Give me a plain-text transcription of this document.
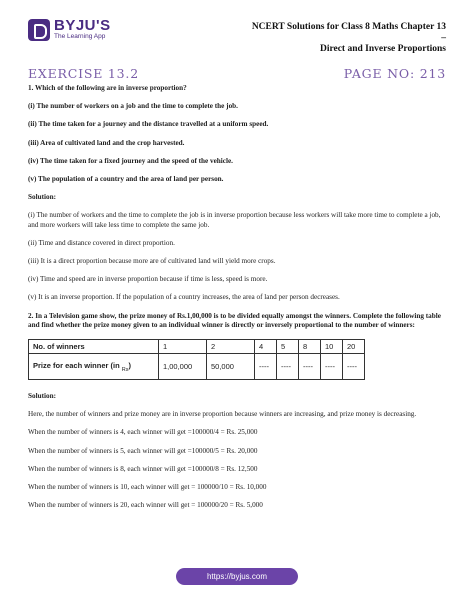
BYJU'S
The Learning App
NCERT Solutions for Class 8 Maths Chapter 13 –
Direct and Inverse Proportions
EXERCISE 13.2	PAGE NO: 213
1. Which of the following are in inverse proportion?
(i) The number of workers on a job and the time to complete the job.
(ii) The time taken for a journey and the distance travelled at a uniform speed.
(iii) Area of cultivated land and the crop harvested.
(iv) The time taken for a fixed journey and the speed of the vehicle.
(v) The population of a country and the area of land per person.
Solution:
(i) The number of workers and the time to complete the job is in inverse proportion because less workers will take more time to complete a job, and more workers will take less time to complete the same job.
(ii) Time and distance covered in direct proportion.
(iii) It is a direct proportion because more are of cultivated land will yield more crops.
(iv) Time and speed are in inverse proportion because if time is less, speed is more.
(v) It is an inverse proportion. If the population of a country increases, the area of land per person decreases.
2. In a Television game show, the prize money of Rs.1,00,000 is to be divided equally amongst the winners. Complete the following table and find whether the prize money given to an individual winner is directly or inversely proportional to the number of winners:
No. of winners	1	2	4	5	8	10	20
Prize for each winner (in $_{Rs}$)	1,00,000	50,000	----	----	----	----	----
Solution:
Here, the number of winners and prize money are in inverse proportion because winners are increasing, and prize money is decreasing.
When the number of winners is 4, each winner will get =100000/4 = Rs. 25,000
When the number of winners is 5, each winner will get =100000/5 = Rs. 20,000
When the number of winners is 8, each winner will get =100000/8 = Rs. 12,500
When the number of winners is 10, each winner will get = 100000/10 = Rs. 10,000
When the number of winners is 20, each winner will get = 100000/20 = Rs. 5,000
https://byjus.com
